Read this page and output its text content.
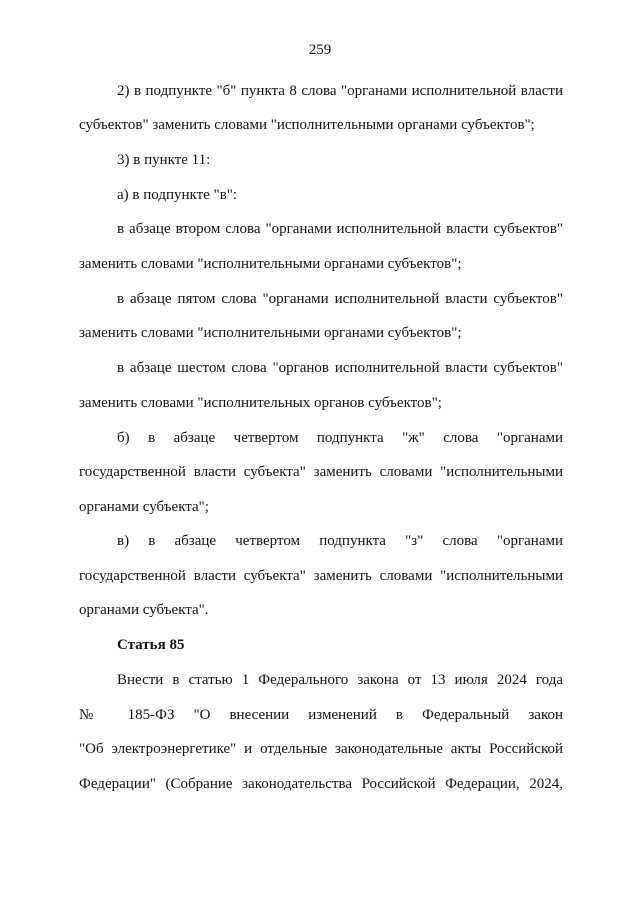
259
2) в подпункте "б" пункта 8 слова "органами исполнительной власти
субъектов" заменить словами "исполнительными органами субъектов";
3) в пункте 11:
а) в подпункте "в":
в абзаце втором слова "органами исполнительной власти субъектов"
заменить словами "исполнительными органами субъектов";
в абзаце пятом слова "органами исполнительной власти субъектов"
заменить словами "исполнительными органами субъектов";
в абзаце шестом слова "органов исполнительной власти субъектов"
заменить словами "исполнительных органов субъектов";
б) в абзаце четвертом подпункта "ж" слова "органами
государственной власти субъекта" заменить словами "исполнительными
органами субъекта";
в) в абзаце четвертом подпункта "з" слова "органами
государственной власти субъекта" заменить словами "исполнительными
органами субъекта".
Статья 85
Внести в статью 1 Федерального закона от 13 июля 2024 года
№ 185-ФЗ "О внесении изменений в Федеральный закон
"Об электроэнергетике" и отдельные законодательные акты Российской
Федерации" (Собрание законодательства Российской Федерации, 2024,
